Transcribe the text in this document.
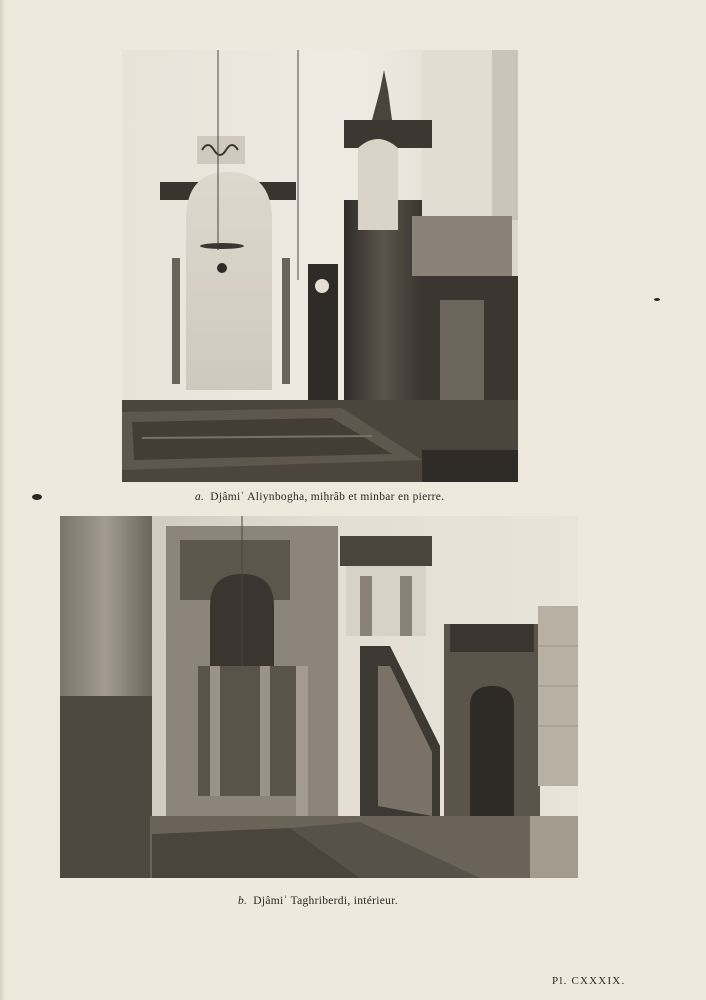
a. Djâmiʿ Aliynbogha, miḥrâb et minbar en pierre.
b. Djâmiʿ Taghriberdi, intérieur.
Pl. CXXXIX.
